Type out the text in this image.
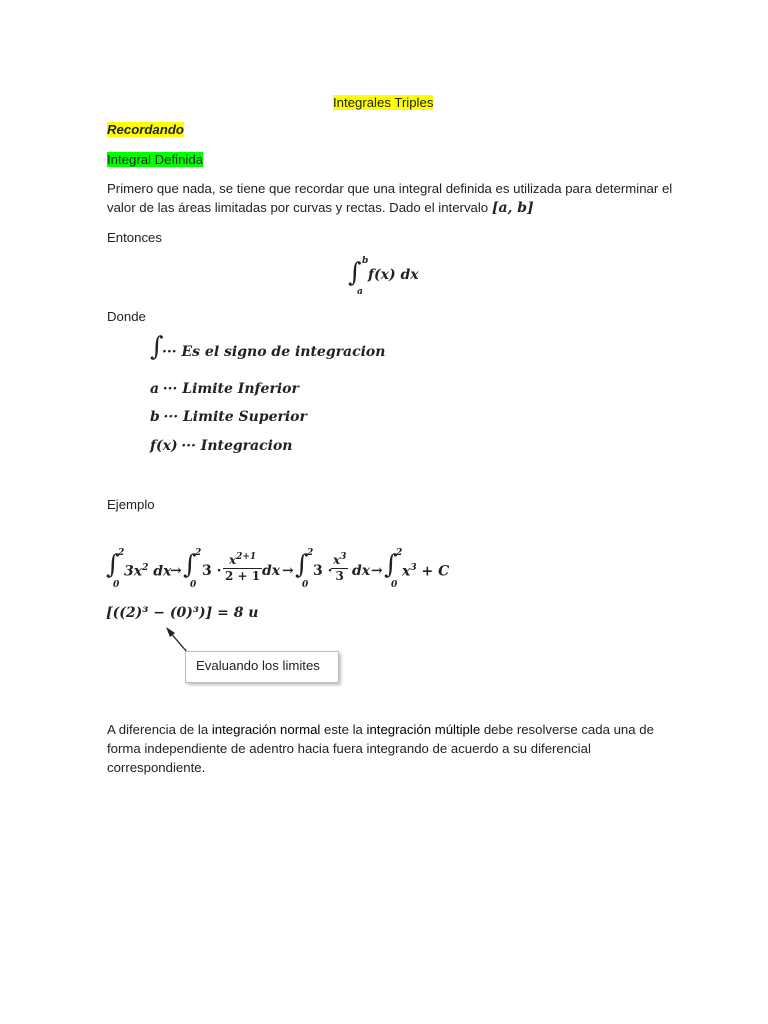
Integrales Triples
Recordando
Integral Definida
Primero que nada, se tiene que recordar que una integral definida es utilizada para determinar el
valor de las áreas limitadas por curvas y rectas. Dado el intervalo [a, b]
Entonces
∫ b
a
f(x) dx
Donde
∫
··· Es el signo de integracion
a ··· Limite Inferior
b ··· Limite Superior
f(x) ··· Integracion
Ejemplo
∫
2
0
$3x^2$ dx
→ ∫
2
0
$3 \cdot \frac{x^{2+1}}{2 + 1}$ dx → ∫
2
0
3 ·
$\frac{x^3}{3}$ dx → ∫
2
0
$x^3 + C$
[((2)³ − (0)³)] = 8 u
Evaluando los limites
A diferencia de la integración normal este la integración múltiple debe resolverse cada una de
forma independiente de adentro hacia fuera integrando de acuerdo a su diferencial
correspondiente.
